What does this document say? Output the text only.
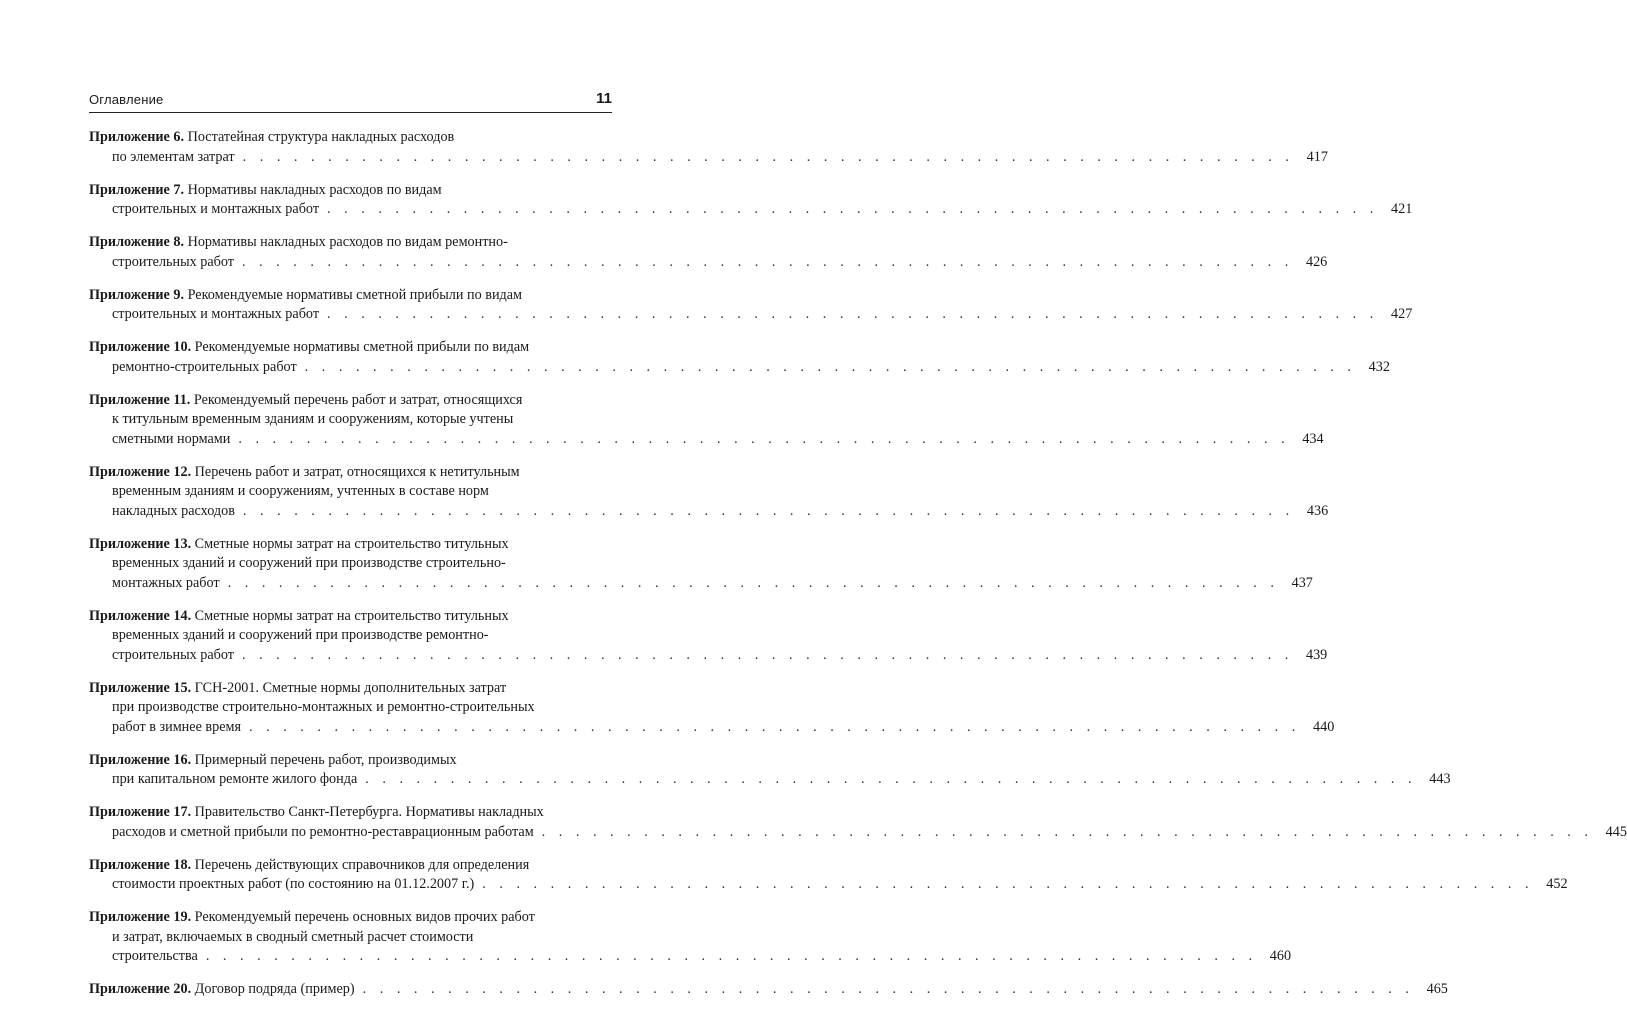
Оглавление	11
Приложение 6. Постатейная структура накладных расходов
по элементам затрат . . . . . . . . . . . . . . . . . . . . . . . . . . . . . . . . . . . . . . . . . . . . . . . . . . . . . . . . . . . . . . 417
Приложение 7. Нормативы накладных расходов по видам
строительных и монтажных работ . . . . . . . . . . . . . . . . . . . . . . . . . . . . . . . . . . . . . . . . . . . . . . . . . . . . . . . . . . . . . . 421
Приложение 8. Нормативы накладных расходов по видам ремонтно-
строительных работ . . . . . . . . . . . . . . . . . . . . . . . . . . . . . . . . . . . . . . . . . . . . . . . . . . . . . . . . . . . . . . 426
Приложение 9. Рекомендуемые нормативы сметной прибыли по видам
строительных и монтажных работ . . . . . . . . . . . . . . . . . . . . . . . . . . . . . . . . . . . . . . . . . . . . . . . . . . . . . . . . . . . . . . 427
Приложение 10. Рекомендуемые нормативы сметной прибыли по видам
ремонтно-строительных работ . . . . . . . . . . . . . . . . . . . . . . . . . . . . . . . . . . . . . . . . . . . . . . . . . . . . . . . . . . . . . . 432
Приложение 11. Рекомендуемый перечень работ и затрат, относящихся
к титульным временным зданиям и сооружениям, которые учтены
сметными нормами . . . . . . . . . . . . . . . . . . . . . . . . . . . . . . . . . . . . . . . . . . . . . . . . . . . . . . . . . . . . . . 434
Приложение 12. Перечень работ и затрат, относящихся к нетитульным
временным зданиям и сооружениям, учтенных в составе норм
накладных расходов . . . . . . . . . . . . . . . . . . . . . . . . . . . . . . . . . . . . . . . . . . . . . . . . . . . . . . . . . . . . . . 436
Приложение 13. Сметные нормы затрат на строительство титульных
временных зданий и сооружений при производстве строительно-
монтажных работ . . . . . . . . . . . . . . . . . . . . . . . . . . . . . . . . . . . . . . . . . . . . . . . . . . . . . . . . . . . . . . 437
Приложение 14. Сметные нормы затрат на строительство титульных
временных зданий и сооружений при производстве ремонтно-
строительных работ . . . . . . . . . . . . . . . . . . . . . . . . . . . . . . . . . . . . . . . . . . . . . . . . . . . . . . . . . . . . . . 439
Приложение 15. ГСН-2001. Сметные нормы дополнительных затрат
при производстве строительно-монтажных и ремонтно-строительных
работ в зимнее время . . . . . . . . . . . . . . . . . . . . . . . . . . . . . . . . . . . . . . . . . . . . . . . . . . . . . . . . . . . . . . 440
Приложение 16. Примерный перечень работ, производимых
при капитальном ремонте жилого фонда . . . . . . . . . . . . . . . . . . . . . . . . . . . . . . . . . . . . . . . . . . . . . . . . . . . . . . . . . . . . . . 443
Приложение 17. Правительство Санкт-Петербурга. Нормативы накладных
расходов и сметной прибыли по ремонтно-реставрационным работам . . . . . . . . . . . . . . . . . . . . . . . . . . . . . . . . . . . . . . . . . . . . . . . . . . . . . . . . . . . . . . 445
Приложение 18. Перечень действующих справочников для определения
стоимости проектных работ (по состоянию на 01.12.2007 г.) . . . . . . . . . . . . . . . . . . . . . . . . . . . . . . . . . . . . . . . . . . . . . . . . . . . . . . . . . . . . . . 452
Приложение 19. Рекомендуемый перечень основных видов прочих работ
и затрат, включаемых в сводный сметный расчет стоимости
строительства . . . . . . . . . . . . . . . . . . . . . . . . . . . . . . . . . . . . . . . . . . . . . . . . . . . . . . . . . . . . . . 460
Приложение 20. Договор подряда (пример) . . . . . . . . . . . . . . . . . . . . . . . . . . . . . . . . . . . . . . . . . . . . . . . . . . . . . . . . . . . . . . 465
